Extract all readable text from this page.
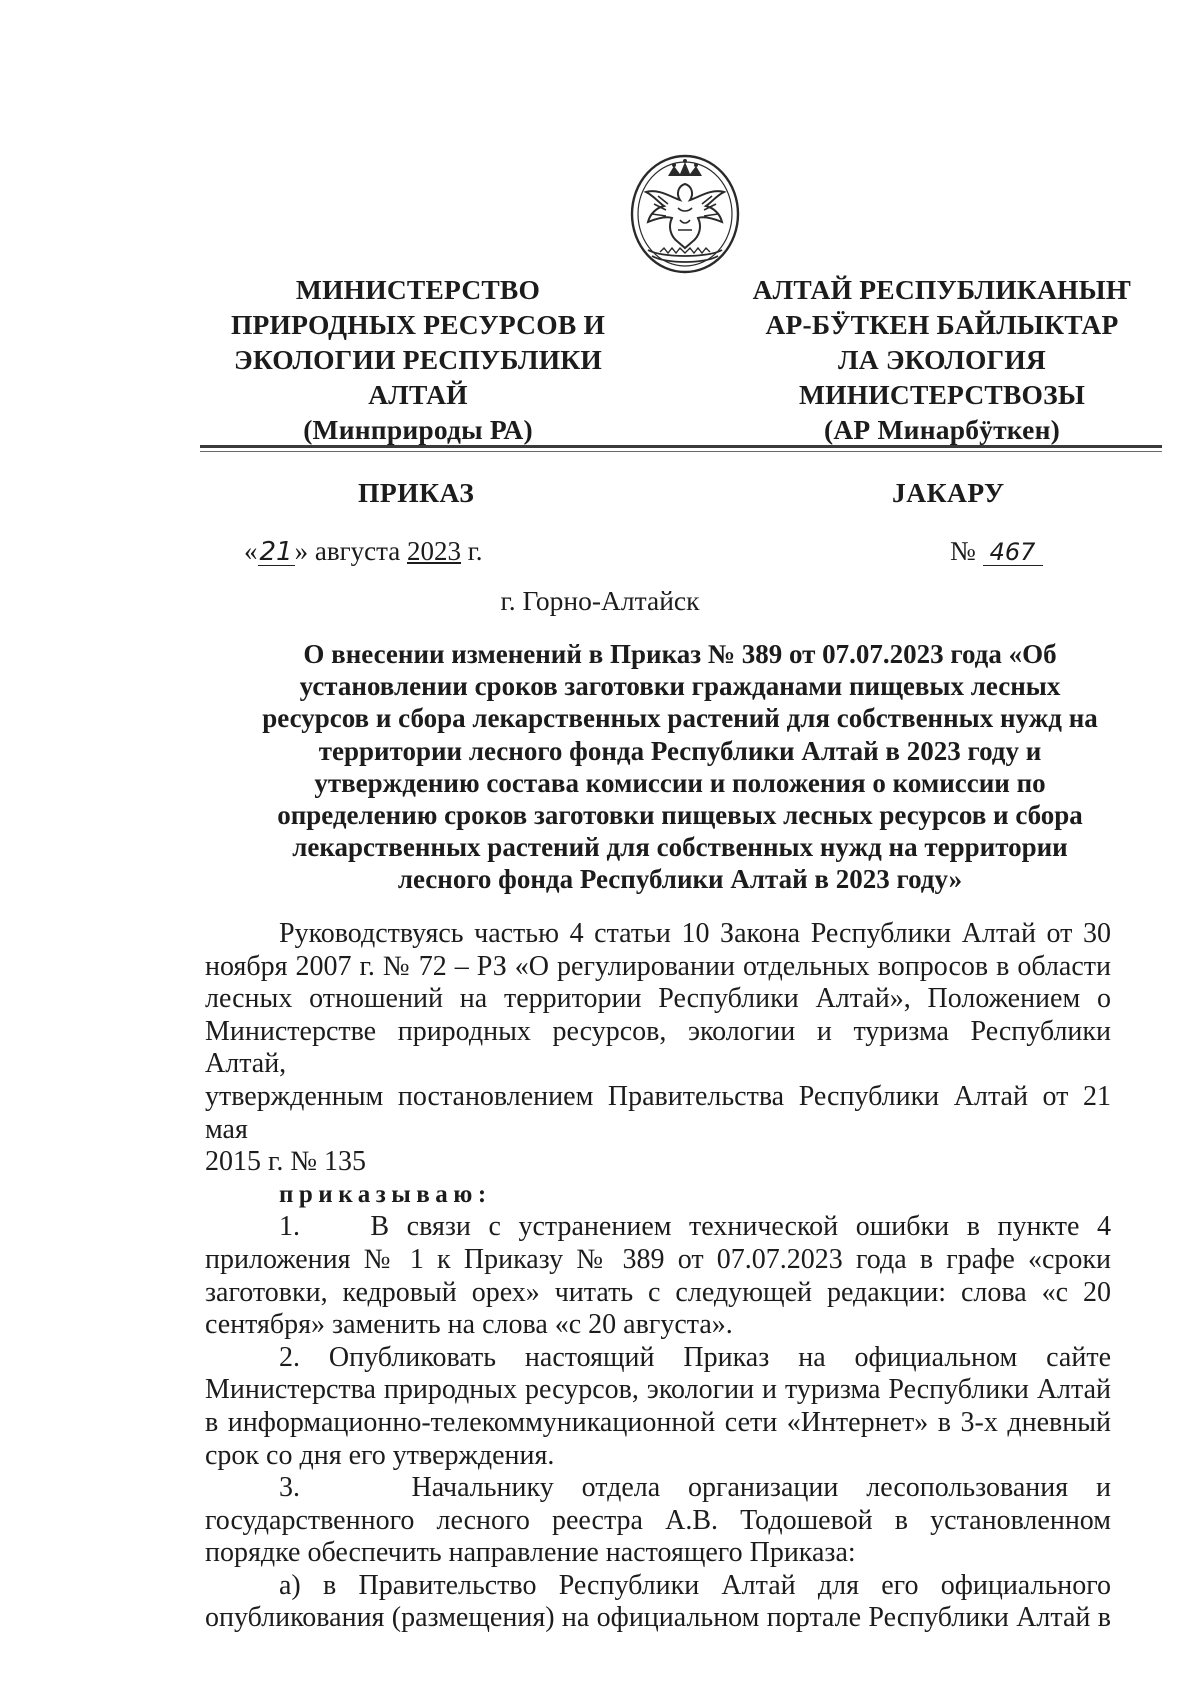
МИНИСТЕРСТВО
ПРИРОДНЫХ РЕСУРСОВ И
ЭКОЛОГИИ РЕСПУБЛИКИ
АЛТАЙ
(Минприроды РА)
АЛТАЙ РЕСПУБЛИКАНЫҤ
АР-БӰТКЕН БАЙЛЫКТАР
ЛА ЭКОЛОГИЯ
МИНИСТЕРСТВОЗЫ
(АР Минарбӱткен)
ПРИКАЗ	ЈАКАРУ
«21» августа 2023 г.	№ 467
г. Горно-Алтайск
О внесении изменений в Приказ № 389 от 07.07.2023 года «Об
установлении сроков заготовки гражданами пищевых лесных
ресурсов и сбора лекарственных растений для собственных нужд на
территории лесного фонда Республики Алтай в 2023 году и
утверждению состава комиссии и положения о комиссии по
определению сроков заготовки пищевых лесных ресурсов и сбора
лекарственных растений для собственных нужд на территории
лесного фонда Республики Алтай в 2023 году»

Руководствуясь частью 4 статьи 10 Закона Республики Алтай от 30

ноября 2007 г. № 72 – РЗ «О регулировании отдельных вопросов в области

лесных отношений на территории Республики Алтай», Положением о

Министерстве природных ресурсов, экологии и туризма Республики Алтай,

утвержденным постановлением Правительства Республики Алтай от 21 мая

2015 г. № 135

приказываю:

1.    В связи с устранением технической ошибки в пункте 4

приложения № 1 к Приказу № 389 от 07.07.2023 года в графе «сроки

заготовки, кедровый орех» читать с следующей редакции: слова «с 20

сентября» заменить на слова «с 20 августа».

2. Опубликовать настоящий Приказ на официальном сайте

Министерства природных ресурсов, экологии и туризма Республики Алтай

в информационно-телекоммуникационной сети «Интернет» в 3-х дневный

срок со дня его утверждения.

3.    Начальнику отдела организации лесопользования и

государственного лесного реестра А.В. Тодошевой в установленном

порядке обеспечить направление настоящего Приказа:

а) в Правительство Республики Алтай для его официального

опубликования (размещения) на официальном портале Республики Алтай в
